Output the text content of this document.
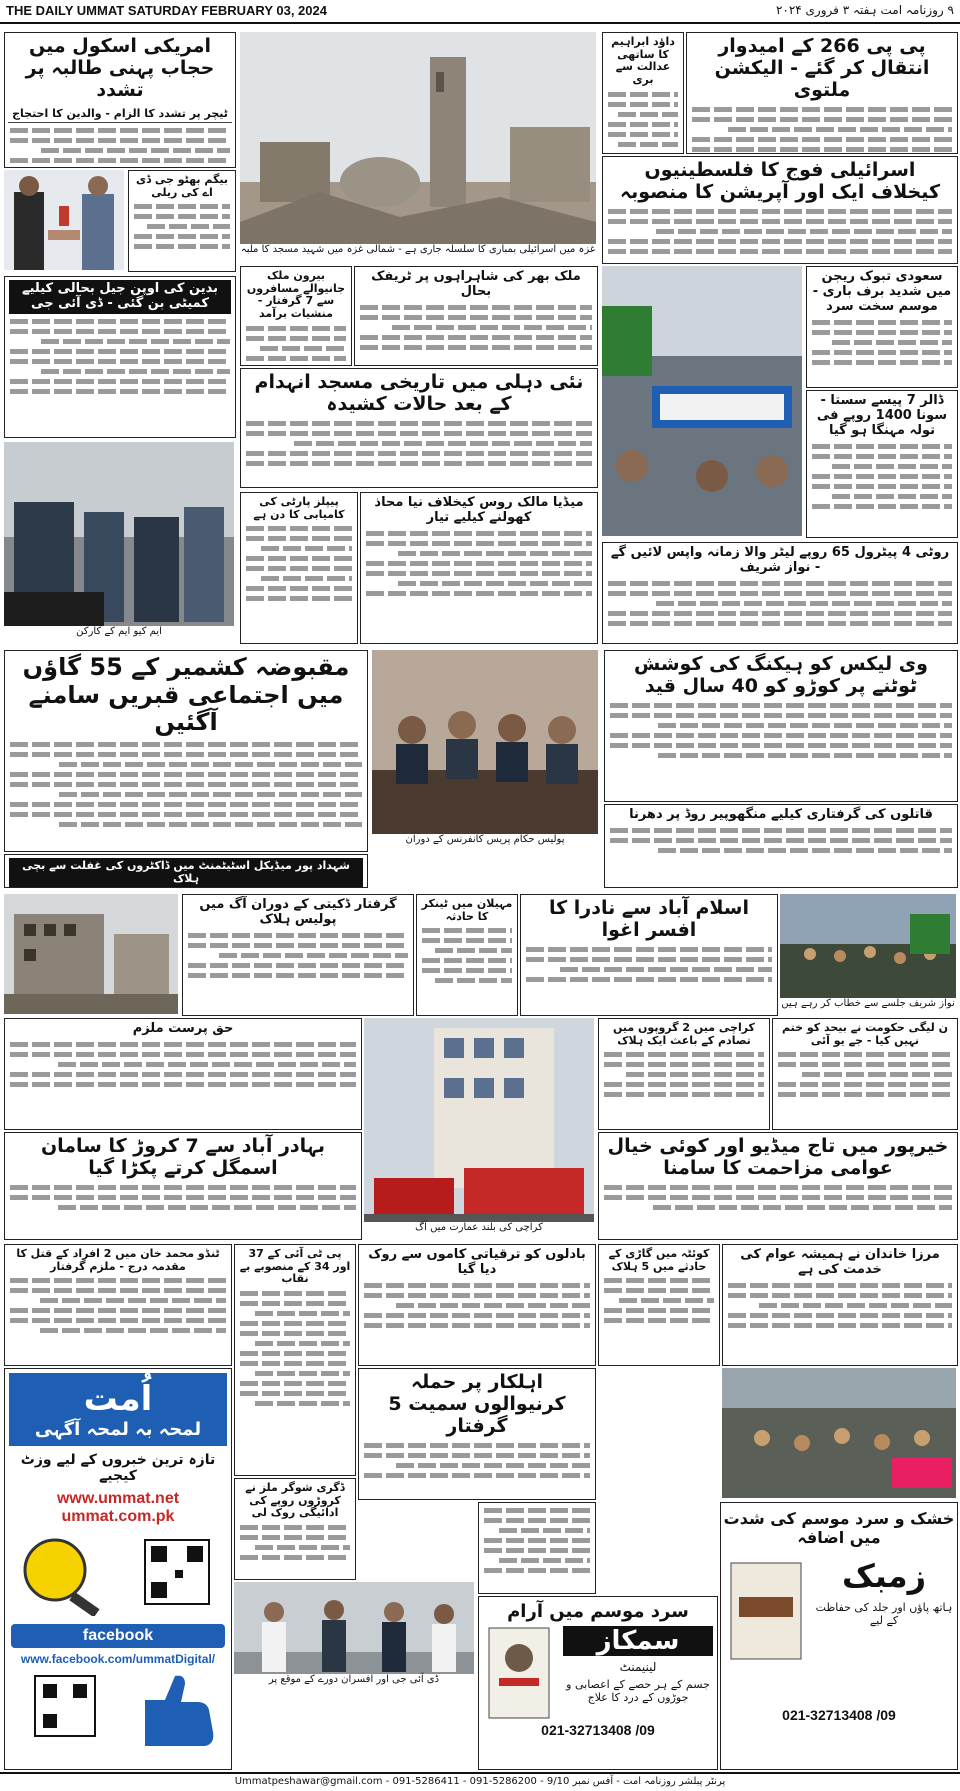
THE DAILY UMMAT SATURDAY FEBRUARY 03, 2024	۹ روزنامہ امت ہفتہ ۳ فروری ۲۰۲۴
امریکی اسکول میں حجاب پہنی طالبہ پر تشدد
ٹیچر پر تشدد کا الزام - والدین کا احتجاج
بیگم بھٹو جی ڈی اے کی ریلی
غزہ میں اسرائیلی بمباری کا سلسلہ جاری ہے - شمالی غزہ میں شہید مسجد کا ملبہ
داؤد ابراہیم کا ساتھی عدالت سے بری
پی پی 266 کے امیدوار انتقال کر گئے - الیکشن ملتوی
اسرائیلی فوج کا فلسطینیوں کیخلاف ایک اور آپریشن کا منصوبہ
بدین کی اوپن جیل بحالی کیلیے کمیٹی بن گئی - ڈی آئی جی
بیرون ملک جانیوالے مسافروں سے 7 گرفتار - منشیات برآمد
ملک بھر کی شاہراہوں پر ٹریفک بحال
نئی دہلی میں تاریخی مسجد انہدام کے بعد حالات کشیدہ
سعودی تبوک ریجن میں شدید برف باری - موسم سخت سرد
ڈالر 7 پیسے سستا - سونا 1400 روپے فی تولہ مہنگا ہو گیا
ایم کیو ایم کے کارکن
پیپلز پارٹی کی کامیابی کا دن ہے
میڈیا مالک روس کیخلاف نیا محاذ کھولنے کیلیے تیار
روٹی 4 پیٹرول 65 روپے لیٹر والا زمانہ واپس لائیں گے - نواز شریف
مقبوضہ کشمیر کے 55 گاؤں میں اجتماعی قبریں سامنے آگئیں
پولیس حکام پریس کانفرنس کے دوران
وی لیکس کو ہیکنگ کی کوشش ٹوٹنے پر کوڑو کو 40 سال قید
قاتلوں کی گرفتاری کیلیے منگھوپیر روڈ پر دھرنا
شہداد پور میڈیکل اسٹیٹمنٹ میں ڈاکٹروں کی غفلت سے بچی ہلاک
گرفتار ڈکیتی کے دوران آگ میں پولیس ہلاک
مہیلان میں ٹینکر کا حادثہ	اسلام آباد سے نادرا کا افسر اغوا
نواز شریف جلسے سے خطاب کر رہے ہیں
حق پرست ملزم
کراچی کی بلند عمارت میں آگ
کراچی میں 2 گروپوں میں تصادم کے باعث ایک ہلاک
ن لیگی حکومت نے بیحد کو ختم نہیں کیا - جے یو آئی
بہادر آباد سے 7 کروڑ کا سامان اسمگل کرتے پکڑا گیا
خیرپور میں تاج میڈیو اور کوئی خیال عوامی مزاحمت کا سامنا
ٹنڈو محمد خان میں 2 افراد کے قتل کا مقدمہ درج - ملزم گرفتار
پی ٹی آئی کے 37 اور 34 کے منصوبے بے نقاب
بادلوں کو ترقیاتی کاموں سے روک دیا گیا
کوئٹہ میں گاڑی کے حادثے میں 5 ہلاک
مرزا خاندان نے ہمیشہ عوام کی خدمت کی ہے
اہلکار پر حملہ کرنیوالوں سمیت 5 گرفتار
اُمت
لمحہ بہ لمحہ آگہی
تازہ ترین خبروں کے لیے وزٹ کیجیے
www.ummat.net
ummat.com.pk
facebook
www.facebook.com/ummatDigital/
ڈگری شوگر ملز نے کروڑوں روپے کی ادائیگی روک لی
ڈی آئی جی اور افسران دورے کے موقع پر
سرد موسم میں آرام
سمکاز
لینیمنٹ
جسم کے ہر حصے کے اعصابی و جوڑوں کے درد کا علاج
021-32713408 /09
خشک و سرد موسم کی شدت میں اضافہ
زمبک
ہاتھ پاؤں اور جلد کی حفاظت کے لیے
021-32713408 /09
پرنٹر پبلشر روزنامہ امت - آفس نمبر 9/10 - Ummatpeshawar@gmail.com - 091-5286411 - 091-5286200
